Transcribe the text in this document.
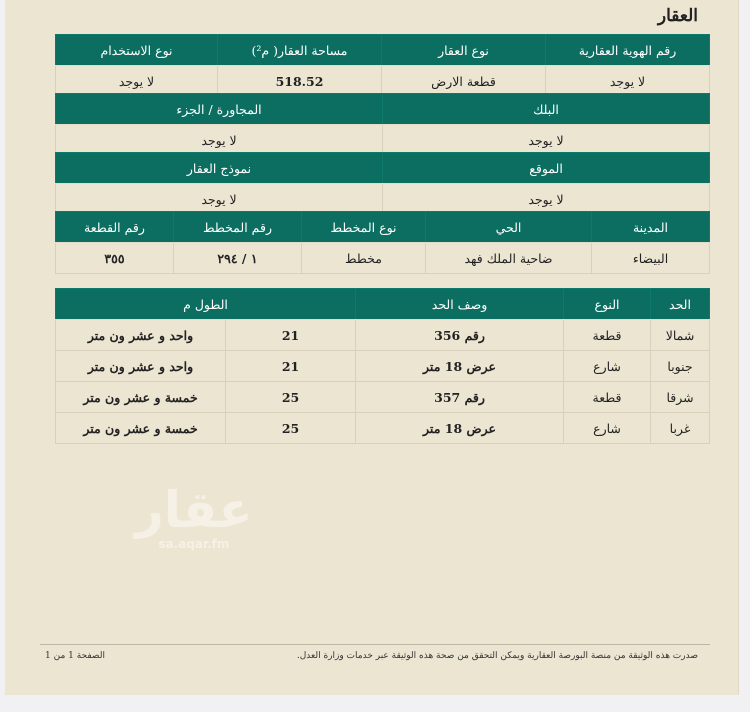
العقار
رقم الهوية العقارية	نوع العقار	مساحة العقار( م²)	نوع الاستخدام
لا يوجد	قطعة الارض	518.52	لا يوجد
البلك	المجاورة / الجزء
لا يوجد	لا يوجد
الموقع	نموذج العقار
لا يوجد	لا يوجد
المدينة	الحي	نوع المخطط	رقم المخطط	رقم القطعة
البيضاء	ضاحية الملك فهد	مخطط	١ / ٢٩٤	٣٥٥
الحد	النوع	وصف الحد	الطول م	
شمالا	قطعة	رقم 356	21	واحد و عشر ون متر
جنوبا	شارع	عرض 18 متر	21	واحد و عشر ون متر
شرقا	قطعة	رقم 357	25	خمسة و عشر ون متر
غربا	شارع	عرض 18 متر	25	خمسة و عشر ون متر
عقار
sa.aqar.fm
صدرت هذه الوثيقة من منصة البورصة العقارية ويمكن التحقق من صحة هذه الوثيقة عبر خدمات وزارة العدل.
الصفحة 1 من 1
